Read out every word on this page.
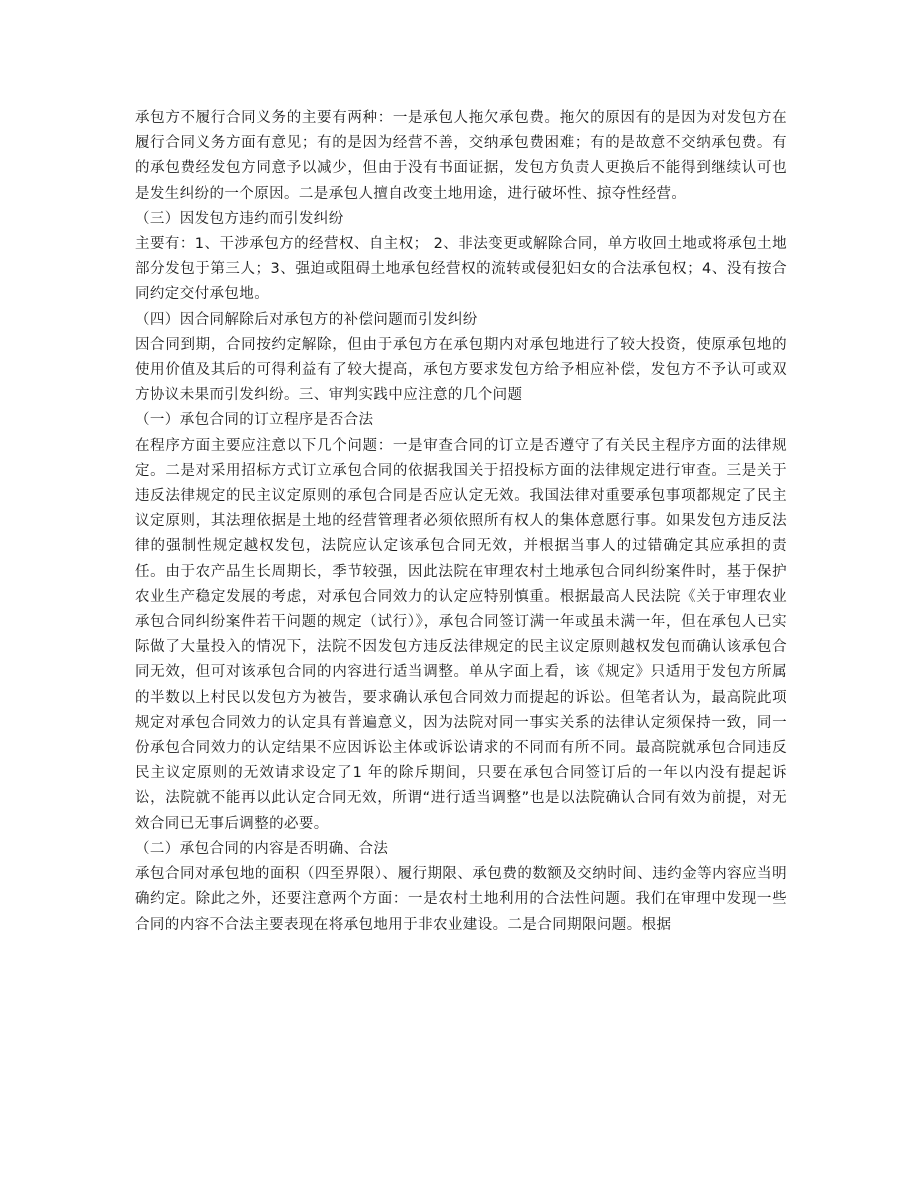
承包方不履行合同义务的主要有两种：一是承包人拖欠承包费。拖欠的原因有的是因为对发包方在履行合同义务方面有意见；有的是因为经营不善，交纳承包费困难；有的是故意不交纳承包费。有的承包费经发包方同意予以减少，但由于没有书面证据，发包方负责人更换后不能得到继续认可也是发生纠纷的一个原因。二是承包人擅自改变土地用途，进行破坏性、掠夺性经营。

（三）因发包方违约而引发纠纷

主要有：1、干涉承包方的经营权、自主权； 2、非法变更或解除合同，单方收回土地或将承包土地部分发包于第三人；3、强迫或阻碍土地承包经营权的流转或侵犯妇女的合法承包权；4、没有按合同约定交付承包地。

（四）因合同解除后对承包方的补偿问题而引发纠纷

因合同到期，合同按约定解除，但由于承包方在承包期内对承包地进行了较大投资，使原承包地的使用价值及其后的可得利益有了较大提高，承包方要求发包方给予相应补偿，发包方不予认可或双方协议未果而引发纠纷。三、审判实践中应注意的几个问题

（一）承包合同的订立程序是否合法

在程序方面主要应注意以下几个问题：一是审查合同的订立是否遵守了有关民主程序方面的法律规定。二是对采用招标方式订立承包合同的依据我国关于招投标方面的法律规定进行审查。三是关于违反法律规定的民主议定原则的承包合同是否应认定无效。我国法律对重要承包事项都规定了民主议定原则，其法理依据是土地的经营管理者必须依照所有权人的集体意愿行事。如果发包方违反法律的强制性规定越权发包，法院应认定该承包合同无效，并根据当事人的过错确定其应承担的责任。由于农产品生长周期长，季节较强，因此法院在审理农村土地承包合同纠纷案件时，基于保护农业生产稳定发展的考虑，对承包合同效力的认定应特别慎重。根据最高人民法院《关于审理农业承包合同纠纷案件若干问题的规定（试行）》，承包合同签订满一年或虽未满一年，但在承包人已实际做了大量投入的情况下，法院不因发包方违反法律规定的民主议定原则越权发包而确认该承包合同无效，但可对该承包合同的内容进行适当调整。单从字面上看，该《规定》只适用于发包方所属的半数以上村民以发包方为被告，要求确认承包合同效力而提起的诉讼。但笔者认为，最高院此项规定对承包合同效力的认定具有普遍意义，因为法院对同一事实关系的法律认定须保持一致，同一份承包合同效力的认定结果不应因诉讼主体或诉讼请求的不同而有所不同。最高院就承包合同违反民主议定原则的无效请求设定了1 年的除斥期间，只要在承包合同签订后的一年以内没有提起诉讼，法院就不能再以此认定合同无效，所谓“进行适当调整”也是以法院确认合同有效为前提，对无效合同已无事后调整的必要。

（二）承包合同的内容是否明确、合法

承包合同对承包地的面积（四至界限）、履行期限、承包费的数额及交纳时间、违约金等内容应当明确约定。除此之外，还要注意两个方面：一是农村土地利用的合法性问题。我们在审理中发现一些合同的内容不合法主要表现在将承包地用于非农业建设。二是合同期限问题。根据
